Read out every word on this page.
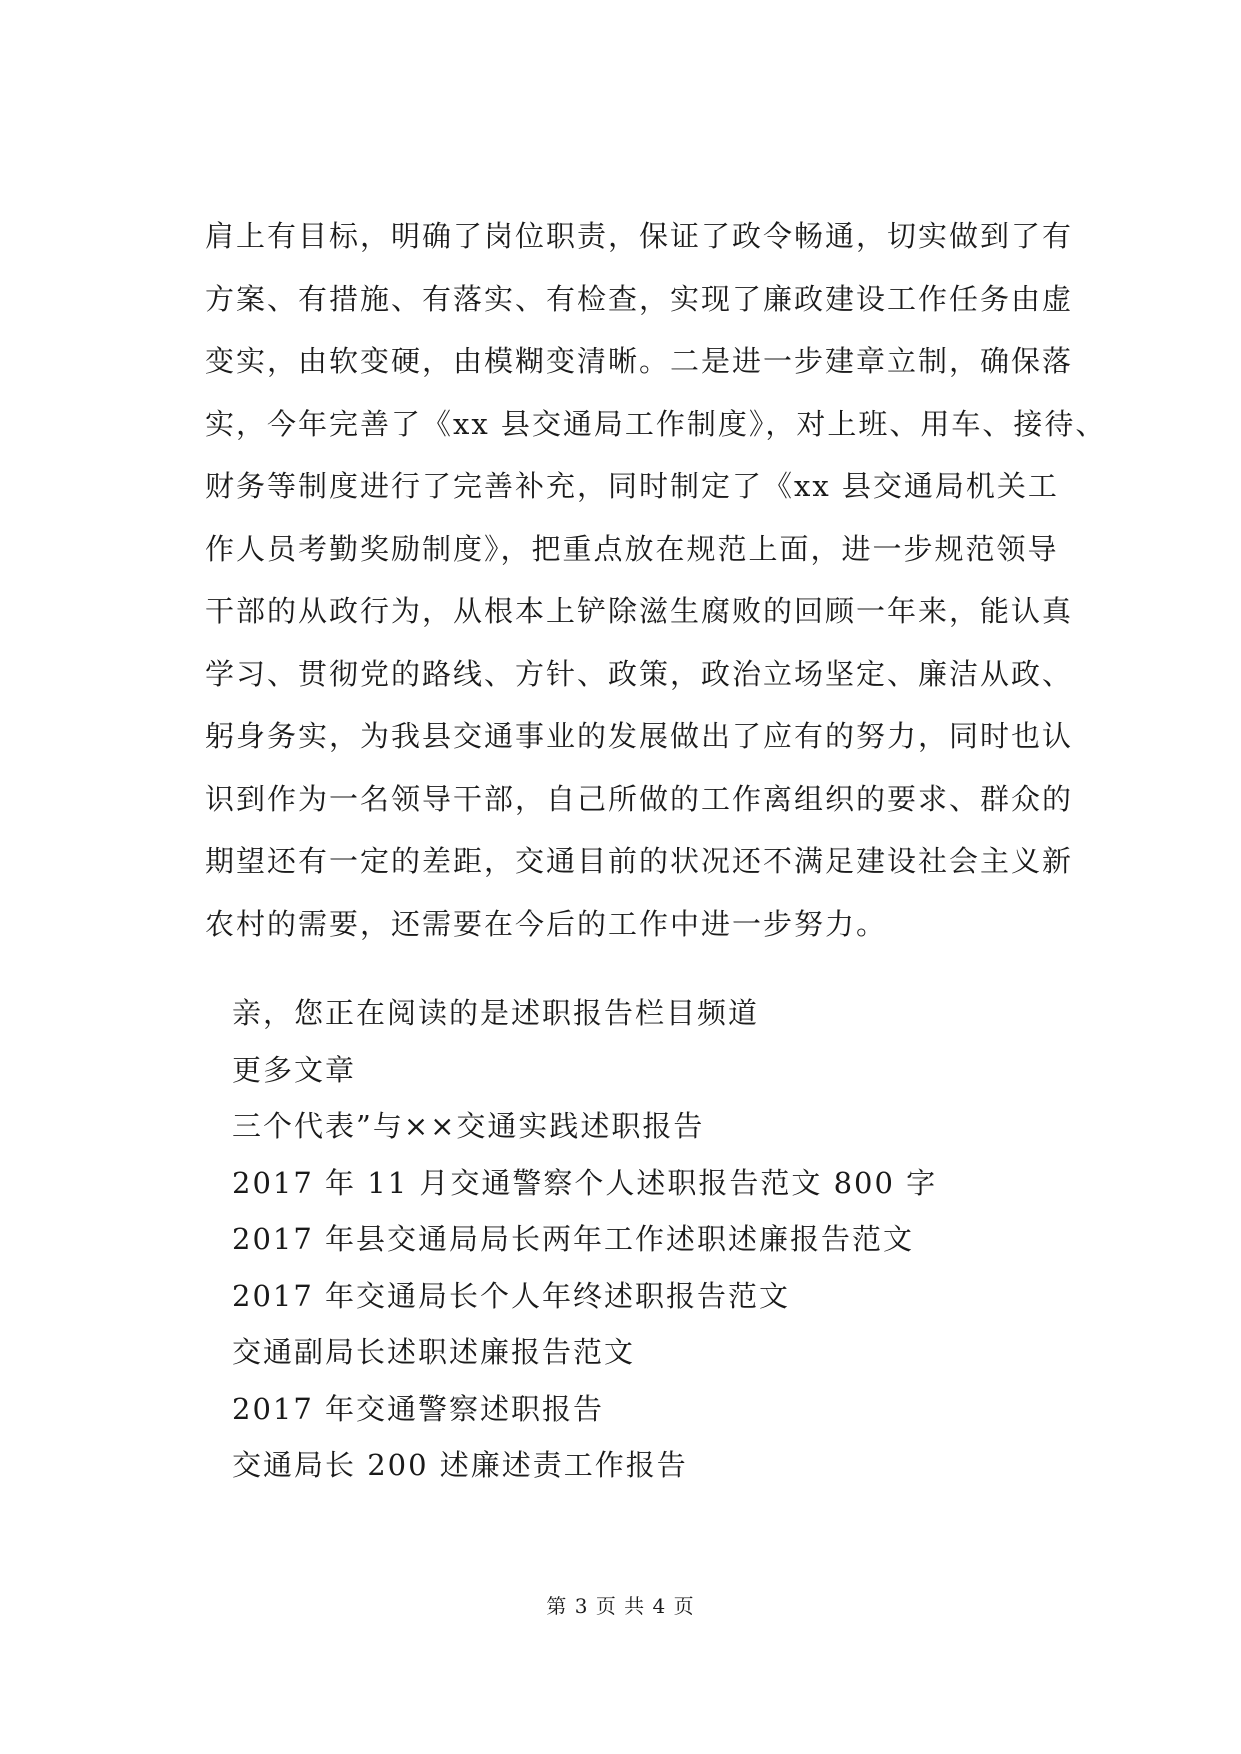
肩上有目标，明确了岗位职责，保证了政令畅通，切实做到了有
方案、有措施、有落实、有检查，实现了廉政建设工作任务由虚
变实，由软变硬，由模糊变清晰。二是进一步建章立制，确保落
实，今年完善了《xx 县交通局工作制度》，对上班、用车、接待、
财务等制度进行了完善补充，同时制定了《xx 县交通局机关工
作人员考勤奖励制度》，把重点放在规范上面，进一步规范领导
干部的从政行为，从根本上铲除滋生腐败的回顾一年来，能认真
学习、贯彻党的路线、方针、政策，政治立场坚定、廉洁从政、
躬身务实，为我县交通事业的发展做出了应有的努力，同时也认
识到作为一名领导干部，自己所做的工作离组织的要求、群众的
期望还有一定的差距，交通目前的状况还不满足建设社会主义新
农村的需要，还需要在今后的工作中进一步努力。
亲，您正在阅读的是述职报告栏目频道
更多文章
三个代表”与××交通实践述职报告
2017 年 11 月交通警察个人述职报告范文 800 字
2017 年县交通局局长两年工作述职述廉报告范文
2017 年交通局长个人年终述职报告范文
交通副局长述职述廉报告范文
2017 年交通警察述职报告
交通局长 200 述廉述责工作报告
第 3 页 共 4 页
